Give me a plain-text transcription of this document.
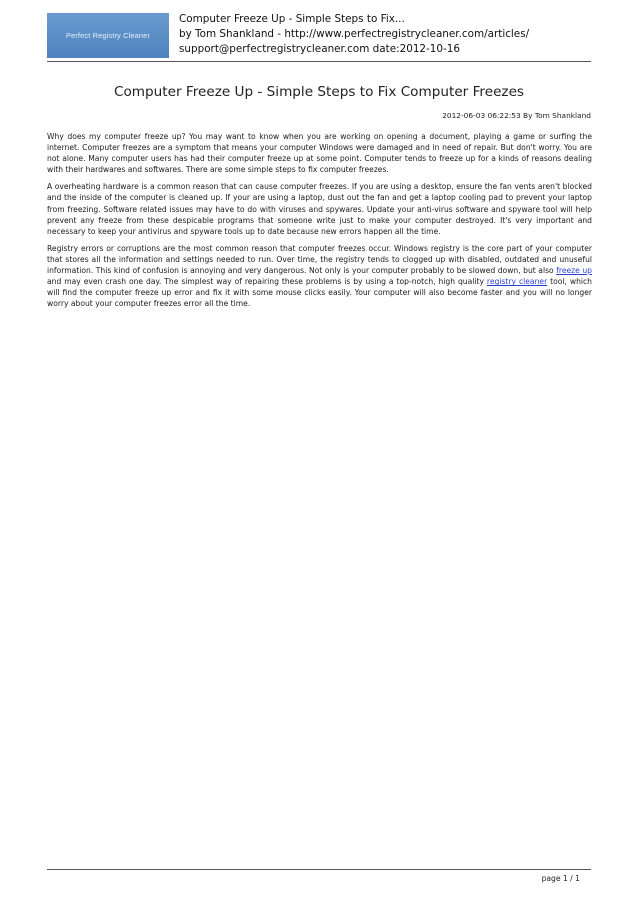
Perfect Registry Cleaner
Computer Freeze Up - Simple Steps to Fix...
by Tom Shankland - http://www.perfectregistrycleaner.com/articles/
support@perfectregistrycleaner.com date:2012-10-16
Computer Freeze Up - Simple Steps to Fix Computer Freezes
2012-06-03 06:22:53 By Tom Shankland

Why does my computer freeze up? You may want to know when you are working on opening a document, playing a game or surfing the internet. Computer freezes are a symptom that means your computer Windows were damaged and in need of repair. But don't worry. You are not alone. Many computer users has had their computer freeze up at some point. Computer tends to freeze up for a kinds of reasons dealing with their hardwares and softwares. There are some simple steps to fix computer freezes.

A overheating hardware is a common reason that can cause computer freezes. If you are using a desktop, ensure the fan vents aren't blocked and the inside of the computer is cleaned up. If your are using a laptop, dust out the fan and get a laptop cooling pad to prevent your laptop from freezing. Software related issues may have to do with viruses and spywares. Update your anti-virus software and spyware tool will help prevent any freeze from these despicable programs that someone write just to make your computer destroyed. It's very important and necessary to keep your antivirus and spyware tools up to date because new errors happen all the time.

Registry errors or corruptions are the most common reason that computer freezes occur. Windows registry is the core part of your computer that stores all the information and settings needed to run. Over time, the registry tends to clogged up with disabled, outdated and unuseful information. This kind of confusion is annoying and very dangerous. Not only is your computer probably to be slowed down, but also freeze up and may even crash one day. The simplest way of repairing these problems is by using a top-notch, high quality registry cleaner tool, which will find the computer freeze up error and fix it with some mouse clicks easily. Your computer will also become faster and you will no longer worry about your computer freezes error all the time.

page 1 / 1
